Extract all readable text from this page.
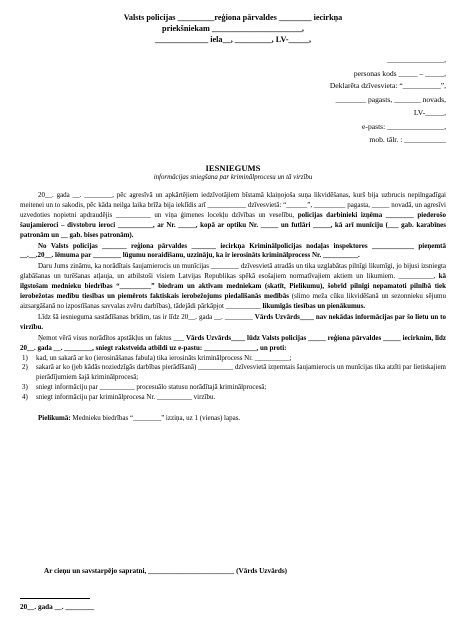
Valsts policijas _________reģiona pārvaldes ________ iecirkņa
priekšniekam ______________________,
_____________ iela__, _________, LV-_____,
_______________,
personas kods _____ – _____,
Deklarēta dzīvesvieta: “__________”,
________ pagasts, _______ novads,
LV-_____,
e-pasts: _______________,
mob. tālr. : ___________
IESNIEGUMS
informācijas sniegšana par kriminālprocesu un tā virzību

20__. gada __. ________, pēc agresīvā un apkārtējiem iedzīvotājiem bīstamā klaiņojoša suņa likvidēšanas, kurš bija uzbrucis nepilngadīgai meitenei un to sakodis, pēc kāda neilga laika brīža bija ieklīdis arī ___________ dzīvesvietā: “______”, _________ pagasta, _____ novadā, un agresīvi uzvedoties nopietni apdraudējis __________ un viņa ģimenes locekļu dzīvības un veselību, policijas darbinieki izņēma ________ piederošo šaujamieroci – divstobru ieroci __________, ar Nr. _____, kopā ar optiku Nr. _____ un futlāri _____, kā arī munīciju (___ gab. karabīnes patronām un __ gab. bises patronām).

No Valsts policijas _______ reģiona pārvaldes _______ iecirkņa Kriminālpolicijas nodaļas inspektores ____________ pieņemtā __.__.20__. lēmuma par ________ lūgumu noraidīšanu, uzzināju, ka ir ierosināts kriminālprocess Nr. __________.

Daru Jums zināmu, ka norādītais šaujamierocis un munīcijas ________ dzīvesvietā atradās un tika uzglabātas pilnīgi likumīgi, jo bijusi izsniegta glabāšanas un turēšanas atļauja, un atbilstoši visiem Latvijas Republikas spēkā esošajiem normatīvajiem aktiem un likumiem. __________, kā ilgstošam mednieku biedrības “_________” biedram un aktīvam medniekam (skatīt, Pielikumu), šobrīd pilnīgi nepamatoti pilnībā tiek ierobežotas medību tiesības un piemērots faktiskais ierobežojums piedalīšanās medībās (slimo meža cūku likvidēšanā un sezonnieku sējumu aizsargāšanā no izpostīšanas savvalas zvēru darbības), tādejādi pārkāpjot __________ likumīgās tiesības un pienākumus.

Līdz šā iesnieguma sastādīšanas brīdim, tas ir līdz 20__. gada __. ________ Vārds Uzvārds____ nav nekādas informācijas par šo lietu un to virzību.

Ņemot vērā visus norādītos apstākļus un faktus ___ Vārds Uzvārds____ lūdz Valsts policijas _____ reģiona pārvaldes _____ iecirknim, līdz 20__. gada __. ________, sniegt rakstveida atbildi uz e-pastu: _______________, un proti:

1) kad, un sakarā ar ko (ierosināšanas fabula) tika ierosināts kriminālprocess Nr. __________;
2) sakarā ar ko (jeb kādās noziedzīgās darbības pierādīšanā) __________ dzīvesvietā izņemtais šaujamierocis un munīcijas tika atzīti par lietiskajiem pierādījumiem šajā kriminālprocesā;
3) sniegt informāciju par __________ procesuālo statusu norādītajā kriminālprocesā;
4) sniegt informāciju par kriminālprocesa Nr. __________ virzību.

Pielikumā: Mednieku biedrības “________” izziņa, uz 1 (vienas) lapas.

Ar cieņu un savstarpējo sapratni, ________________________ (Vārds Uzvārds)
20__. gada __. ________
